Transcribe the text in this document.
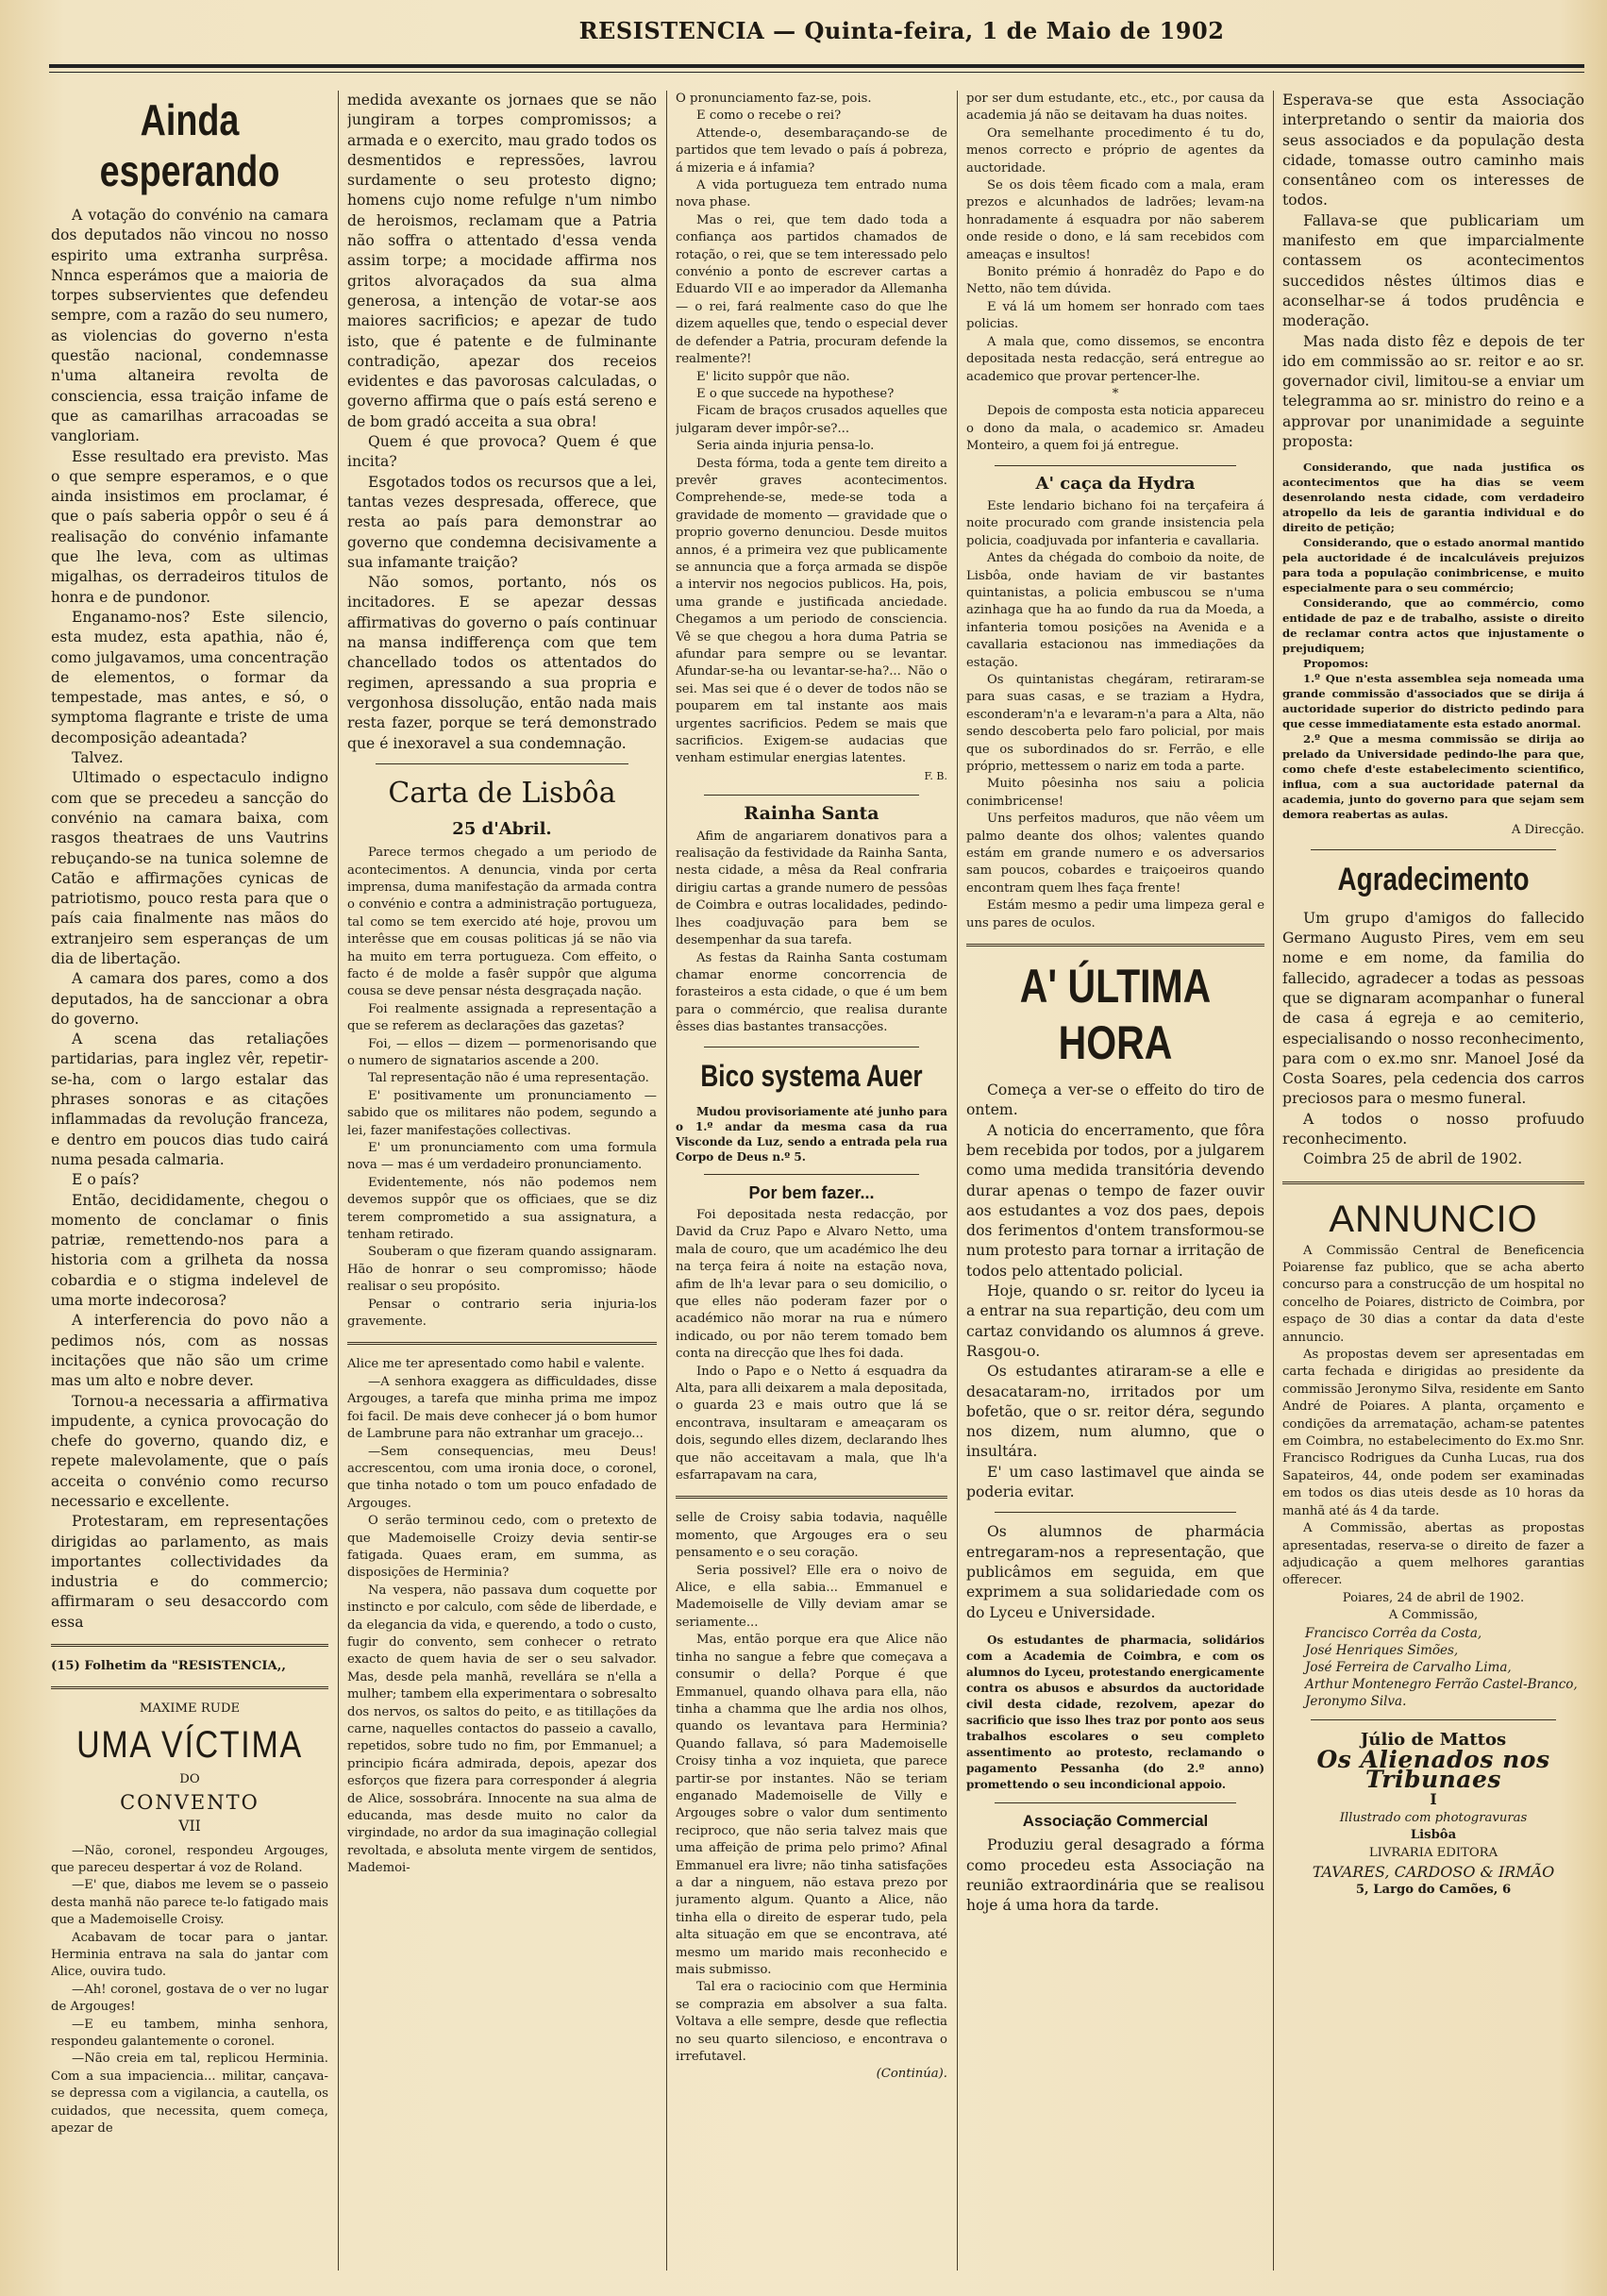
RESISTENCIA — Quinta-feira, 1 de Maio de 1902
Ainda esperando

A votação do convénio na camara dos deputados não vincou no nosso espirito uma extranha surprêsa. Nnnca esperámos que a maioria de torpes subservientes que defendeu sempre, com a razão do seu numero, as violencias do governo n'esta questão nacional, condemnasse n'uma altaneira revolta de consciencia, essa traição infame de que as camarilhas arracoadas se vangloriam.

Esse resultado era previsto. Mas o que sempre esperamos, e o que ainda insistimos em proclamar, é que o país saberia oppôr o seu é á realisação do convénio infamante que lhe leva, com as ultimas migalhas, os derradeiros titulos de honra e de pundonor.

Enganamo-nos? Este silencio, esta mudez, esta apathia, não é, como julgavamos, uma concentração de elementos, o formar da tempestade, mas antes, e só, o symptoma flagrante e triste de uma decomposição adeantada?

Talvez.

Ultimado o espectaculo indigno com que se precedeu a sancção do convénio na camara baixa, com rasgos theatraes de uns Vautrins rebuçando-se na tunica solemne de Catão e affirmações cynicas de patriotismo, pouco resta para que o país caia finalmente nas mãos do extranjeiro sem esperanças de um dia de libertação.

A camara dos pares, como a dos deputados, ha de sanccionar a obra do governo.

A scena das retaliações partidarias, para inglez vêr, repetir-se-ha, com o largo estalar das phrases sonoras e as citações inflammadas da revolução franceza, e dentro em poucos dias tudo cairá numa pesada calmaria.

E o país?

Então, decididamente, chegou o momento de conclamar o finis patriæ, remettendo-nos para a historia com a grilheta da nossa cobardia e o stigma indelevel de uma morte indecorosa?

A interferencia do povo não a pedimos nós, com as nossas incitações que não são um crime mas um alto e nobre dever.

Tornou-a necessaria a affirmativa impudente, a cynica provocação do chefe do governo, quando diz, e repete malevolamente, que o país acceita o convénio como recurso necessario e excellente.

Protestaram, em representações dirigidas ao parlamento, as mais importantes collectividades da industria e do commercio; affirmaram o seu desaccordo com essa

(15) Folhetim da "RESISTENCIA,,
MAXIME RUDE
UMA VÍCTIMA
DO
CONVENTO
VII

—Não, coronel, respondeu Argouges, que pareceu despertar á voz de Roland.

—E' que, diabos me levem se o passeio desta manhã não parece te-lo fatigado mais que a Mademoiselle Croisy.

Acabavam de tocar para o jantar. Herminia entrava na sala do jantar com Alice, ouvira tudo.

—Ah! coronel, gostava de o ver no lugar de Argouges!

—E eu tambem, minha senhora, respondeu galantemente o coronel.

—Não creia em tal, replicou Herminia. Com a sua impaciencia... militar, cançava-se depressa com a vigilancia, a cautella, os cuidados, que necessita, quem começa, apezar de

medida avexante os jornaes que se não jungiram a torpes compromissos; a armada e o exercito, mau grado todos os desmentidos e repressões, lavrou surdamente o seu protesto digno; homens cujo nome refulge n'um nimbo de heroismos, reclamam que a Patria não soffra o attentado d'essa venda assim torpe; a mocidade affirma nos gritos alvoraçados da sua alma generosa, a intenção de votar-se aos maiores sacrificios; e apezar de tudo isto, que é patente e de fulminante contradição, apezar dos receios evidentes e das pavorosas calculadas, o governo affirma que o país está sereno e de bom gradó acceita a sua obra!

Quem é que provoca? Quem é que incita?

Esgotados todos os recursos que a lei, tantas vezes despresada, offerece, que resta ao país para demonstrar ao governo que condemna decisivamente a sua infamante traição?

Não somos, portanto, nós os incitadores. E se apezar dessas affirmativas do governo o país continuar na mansa indifferença com que tem chancellado todos os attentados do regimen, apressando a sua propria e vergonhosa dissolução, então nada mais resta fazer, porque se terá demonstrado que é inexoravel a sua condemnação.

Carta de Lisbôa
25 d'Abril.

Parece termos chegado a um periodo de acontecimentos. A denuncia, vinda por certa imprensa, duma manifestação da armada contra o convénio e contra a administração portugueza, tal como se tem exercido até hoje, provou um interêsse que em cousas politicas já se não via ha muito em terra portugueza. Com effeito, o facto é de molde a fasêr suppôr que alguma cousa se deve pensar nésta desgraçada nação.

Foi realmente assignada a representação a que se referem as declarações das gazetas?

Foi, — ellos — dizem — pormenorisando que o numero de signatarios ascende a 200.

Tal representação não é uma representação.

E' positivamente um pronunciamento — sabido que os militares não podem, segundo a lei, fazer manifestações collectivas.

E' um pronunciamento com uma formula nova — mas é um verdadeiro pronunciamento.

Evidentemente, nós não podemos nem devemos suppôr que os officiaes, que se diz terem comprometido a sua assignatura, a tenham retirado.

Souberam o que fizeram quando assignaram. Hão de honrar o seu compromisso; hãode realisar o seu propósito.

Pensar o contrario seria injuria-los gravemente.

Alice me ter apresentado como habil e valente.

—A senhora exaggera as difficuldades, disse Argouges, a tarefa que minha prima me impoz foi facil. De mais deve conhecer já o bom humor de Lambrune para não extranhar um gracejo...

—Sem consequencias, meu Deus! accrescentou, com uma ironia doce, o coronel, que tinha notado o tom um pouco enfadado de Argouges.

O serão terminou cedo, com o pretexto de que Mademoiselle Croizy devia sentir-se fatigada. Quaes eram, em summa, as disposições de Herminia?

Na vespera, não passava dum coquette por instincto e por calculo, com sêde de liberdade, e da elegancia da vida, e querendo, a todo o custo, fugir do convento, sem conhecer o retrato exacto de quem havia de ser o seu salvador. Mas, desde pela manhã, revellára se n'ella a mulher; tambem ella experimentara o sobresalto dos nervos, os saltos do peito, e as titillações da carne, naquelles contactos do passeio a cavallo, repetidos, sobre tudo no fim, por Emmanuel; a principio ficára admirada, depois, apezar dos esforços que fizera para corresponder á alegria de Alice, sossobrára. Innocente na sua alma de educanda, mas desde muito no calor da virgindade, no ardor da sua imaginação collegial revoltada, e absoluta mente virgem de sentidos, Mademoi-

O pronunciamento faz-se, pois.

E como o recebe o rei?

Attende-o, desembaraçando-se de partidos que tem levado o país á pobreza, á mizeria e á infamia?

A vida portugueza tem entrado numa nova phase.

Mas o rei, que tem dado toda a confiança aos partidos chamados de rotação, o rei, que se tem interessado pelo convénio a ponto de escrever cartas a Eduardo VII e ao imperador da Allemanha — o rei, fará realmente caso do que lhe dizem aquelles que, tendo o especial dever de defender a Patria, procuram defende la realmente?!

E' licito suppôr que não.

E o que succede na hypothese?

Ficam de braços crusados aquelles que julgaram dever impôr-se?...

Seria ainda injuria pensa-lo.

Desta fórma, toda a gente tem direito a prevêr graves acontecimentos. Comprehende-se, mede-se toda a gravidade de momento — gravidade que o proprio governo denunciou. Desde muitos annos, é a primeira vez que publicamente se annuncia que a força armada se dispõe a intervir nos negocios publicos. Ha, pois, uma grande e justificada anciedade. Chegamos a um periodo de consciencia. Vê se que chegou a hora duma Patria se afundar para sempre ou se levantar. Afundar-se-ha ou levantar-se-ha?... Não o sei. Mas sei que é o dever de todos não se pouparem em tal instante aos mais urgentes sacrificios. Pedem se mais que sacrificios. Exigem-se audacias que venham estimular energias latentes.

F. B.
Rainha Santa

Afim de angariarem donativos para a realisação da festividade da Rainha Santa, nesta cidade, a mêsa da Real confraria dirigiu cartas a grande numero de pessôas de Coimbra e outras localidades, pedindo-lhes coadjuvação para bem se desempenhar da sua tarefa.

As festas da Rainha Santa costumam chamar enorme concorrencia de forasteiros a esta cidade, o que é um bem para o commércio, que realisa durante êsses dias bastantes transacções.

Bico systema Auer

Mudou provisoriamente até junho para o 1.º andar da mesma casa da rua Visconde da Luz, sendo a entrada pela rua Corpo de Deus n.º 5.

Por bem fazer...

Foi depositada nesta redacção, por David da Cruz Papo e Alvaro Netto, uma mala de couro, que um académico lhe deu na terça feira á noite na estação nova, afim de lh'a levar para o seu domicilio, o que elles não poderam fazer por o académico não morar na rua e número indicado, ou por não terem tomado bem conta na direcção que lhes foi dada.

Indo o Papo e o Netto á esquadra da Alta, para alli deixarem a mala depositada, o guarda 23 e mais outro que lá se encontrava, insultaram e ameaçaram os dois, segundo elles dizem, declarando lhes que não acceitavam a mala, que lh'a esfarrapavam na cara,

selle de Croisy sabia todavia, naquêlle momento, que Argouges era o seu pensamento e o seu coração.

Seria possivel? Elle era o noivo de Alice, e ella sabia... Emmanuel e Mademoiselle de Villy deviam amar se seriamente...

Mas, então porque era que Alice não tinha no sangue a febre que começava a consumir o della? Porque é que Emmanuel, quando olhava para ella, não tinha a chamma que lhe ardia nos olhos, quando os levantava para Herminia? Quando fallava, só para Mademoiselle Croisy tinha a voz inquieta, que parece partir-se por instantes. Não se teriam enganado Mademoiselle de Villy e Argouges sobre o valor dum sentimento reciproco, que não seria talvez mais que uma affeição de prima pelo primo? Afinal Emmanuel era livre; não tinha satisfações a dar a ninguem, não estava prezo por juramento algum. Quanto a Alice, não tinha ella o direito de esperar tudo, pela alta situação em que se encontrava, até mesmo um marido mais reconhecido e mais submisso.

Tal era o raciocinio com que Herminia se comprazia em absolver a sua falta. Voltava a elle sempre, desde que reflectia no seu quarto silencioso, e encontrava o irrefutavel.

(Continúa).

por ser dum estudante, etc., etc., por causa da academia já não se deitavam ha duas noites.

Ora semelhante procedimento é tu do, menos correcto e próprio de agentes da auctoridade.

Se os dois têem ficado com a mala, eram prezos e alcunhados de ladrões; levam-na honradamente á esquadra por não saberem onde reside o dono, e lá sam recebidos com ameaças e insultos!

Bonito prémio á honradêz do Papo e do Netto, não tem dúvida.

E vá lá um homem ser honrado com taes policias.

A mala que, como dissemos, se encontra depositada nesta redacção, será entregue ao academico que provar pertencer-lhe.

*

Depois de composta esta noticia appareceu o dono da mala, o academico sr. Amadeu Monteiro, a quem foi já entregue.

A' caça da Hydra

Este lendario bichano foi na terçafeira á noite procurado com grande insistencia pela policia, coadjuvada por infanteria e cavallaria.

Antes da chégada do comboio da noite, de Lisbôa, onde haviam de vir bastantes quintanistas, a policia embuscou se n'uma azinhaga que ha ao fundo da rua da Moeda, a infanteria tomou posições na Avenida e a cavallaria estacionou nas immediações da estação.

Os quintanistas chegáram, retiraram-se para suas casas, e se traziam a Hydra, esconderam'n'a e levaram-n'a para a Alta, não sendo descoberta pelo faro policial, por mais que os subordinados do sr. Ferrão, e elle próprio, mettessem o nariz em toda a parte.

Muito pôesinha nos saiu a policia conimbricense!

Uns perfeitos maduros, que não vêem um palmo deante dos olhos; valentes quando estám em grande numero e os adversarios sam poucos, cobardes e traiçoeiros quando encontram quem lhes faça frente!

Estám mesmo a pedir uma limpeza geral e uns pares de oculos.

A' ÚLTIMA HORA

Começa a ver-se o effeito do tiro de ontem.

A noticia do encerramento, que fôra bem recebida por todos, por a julgarem como uma medida transitória devendo durar apenas o tempo de fazer ouvir aos estudantes a voz dos paes, depois dos ferimentos d'ontem transformou-se num protesto para tornar a irritação de todos pelo attentado policial.

Hoje, quando o sr. reitor do lyceu ia a entrar na sua repartição, deu com um cartaz convidando os alumnos á greve. Rasgou-o.

Os estudantes atiraram-se a elle e desacataram-no, irritados por um bofetão, que o sr. reitor déra, segundo nos dizem, num alumno, que o insultára.

E' um caso lastimavel que ainda se poderia evitar.

Os alumnos de pharmácia entregaram-nos a representação, que publicâmos em seguida, em que exprimem a sua solidariedade com os do Lyceu e Universidade.

Os estudantes de pharmacia, solidários com a Academia de Coimbra, e com os alumnos do Lyceu, protestando energicamente contra os abusos e absurdos da auctoridade civil desta cidade, rezolvem, apezar do sacrificio que isso lhes traz por ponto aos seus trabalhos escolares o seu completo assentimento ao protesto, reclamando o pagamento Pessanha (do 2.º anno) promettendo o seu incondicional appoio.

Associação Commercial

Produziu geral desagrado a fórma como procedeu esta Associação na reunião extraordinária que se realisou hoje á uma hora da tarde.

Esperava-se que esta Associação interpretando o sentir da maioria dos seus associados e da população desta cidade, tomasse outro caminho mais consentâneo com os interesses de todos.

Fallava-se que publicariam um manifesto em que imparcialmente contassem os acontecimentos succedidos nêstes últimos dias e aconselhar-se á todos prudência e moderação.

Mas nada disto fêz e depois de ter ido em commissão ao sr. reitor e ao sr. governador civil, limitou-se a enviar um telegramma ao sr. ministro do reino e a approvar por unanimidade a seguinte proposta:

Considerando, que nada justifica os acontecimentos que ha dias se veem desenrolando nesta cidade, com verdadeiro atropello da leis de garantia individual e do direito de petição;

Considerando, que o estado anormal mantido pela auctoridade é de incalculáveis prejuizos para toda a população conimbricense, e muito especialmente para o seu commércio;

Considerando, que ao commércio, como entidade de paz e de trabalho, assiste o direito de reclamar contra actos que injustamente o prejudiquem;

Propomos:

1.º Que n'esta assemblea seja nomeada uma grande commissão d'associados que se dirija á auctoridade superior do districto pedindo para que cesse immediatamente esta estado anormal.

2.º Que a mesma commissão se dirija ao prelado da Universidade pedindo-lhe para que, como chefe d'este estabelecimento scientifico, influa, com a sua auctoridade paternal da academia, junto do governo para que sejam sem demora reabertas as aulas.

A Direcção.
Agradecimento

Um grupo d'amigos do fallecido Germano Augusto Pires, vem em seu nome e em nome, da familia do fallecido, agradecer a todas as pessoas que se dignaram acompanhar o funeral de casa á egreja e ao cemiterio, especialisando o nosso reconhecimento, para com o ex.mo snr. Manoel José da Costa Soares, pela cedencia dos carros preciosos para o mesmo funeral.

A todos o nosso profuudo reconhecimento.

Coimbra 25 de abril de 1902.

ANNUNCIO

A Commissão Central de Beneficencia Poiarense faz publico, que se acha aberto concurso para a construcção de um hospital no concelho de Poiares, districto de Coimbra, por espaço de 30 dias a contar da data d'este annuncio.

As propostas devem ser apresentadas em carta fechada e dirigidas ao presidente da commissão Jeronymo Silva, residente em Santo André de Poiares. A planta, orçamento e condições da arrematação, acham-se patentes em Coimbra, no estabelecimento do Ex.mo Snr. Francisco Rodrigues da Cunha Lucas, rua dos Sapateiros, 44, onde podem ser examinadas em todos os dias uteis desde as 10 horas da manhã até ás 4 da tarde.

A Commissão, abertas as propostas apresentadas, reserva-se o direito de fazer a adjudicação a quem melhores garantias offerecer.

Poiares, 24 de abril de 1902.

A Commissão,

Francisco Corrêa da Costa,
José Henriques Simões,
José Ferreira de Carvalho Lima,
Arthur Montenegro Ferrão Castel-Branco,
Jeronymo Silva.
Júlio de Mattos
Os Alienados nos Tribunaes
I
Illustrado com photogravuras
Lisbôa
LIVRARIA EDITORA
TAVARES, CARDOSO & IRMÃO
5, Largo do Camões, 6
